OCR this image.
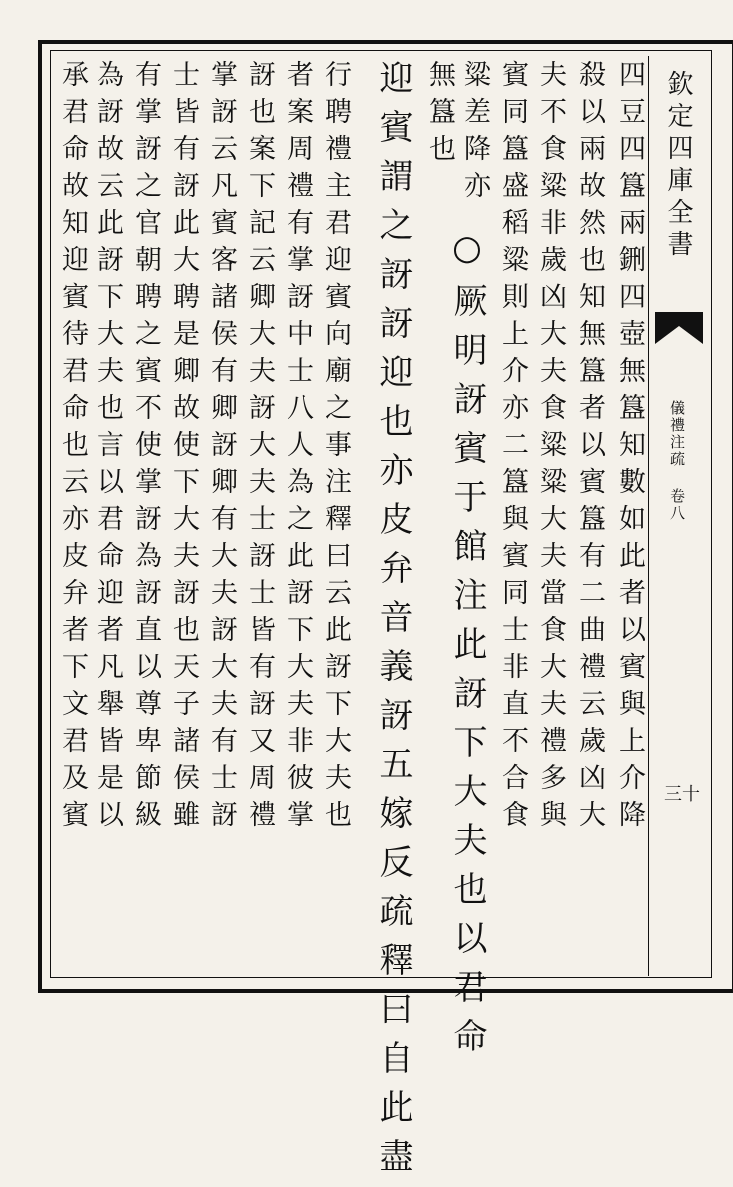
欽定四庫全書
儀禮注疏 卷八
三十
四豆四簋兩鉶四壺無簋知數如此者以賓與上介降
殺以兩故然也知無簋者以賓簋有二曲禮云歲凶大
夫不食粱非歲凶大夫食粱粱大夫當食大夫禮多與
賓同簋盛稻粱則上介亦二簋與賓同士非直不合食
粱差降亦
無簋也
○厥明訝賓于館注此訝下大夫也以君命
迎賓謂之訝訝迎也亦皮弁音義訝五嫁反疏釋曰自此盡
行聘禮主君迎賓向廟之事注釋曰云此訝下大夫也
者案周禮有掌訝中士八人為之此訝下大夫非彼掌
訝也案下記云卿大夫訝大夫士訝士皆有訝又周禮
掌訝云凡賓客諸侯有卿訝卿有大夫訝大夫有士訝
士皆有訝此大聘是卿故使下大夫訝也天子諸侯雖
有掌訝之官朝聘之賓不使掌訝為訝直以尊卑節級
為訝故云此訝下大夫也言以君命迎者凡舉皆是以
承君命故知迎賓待君命也云亦皮弁者下文君及賓
